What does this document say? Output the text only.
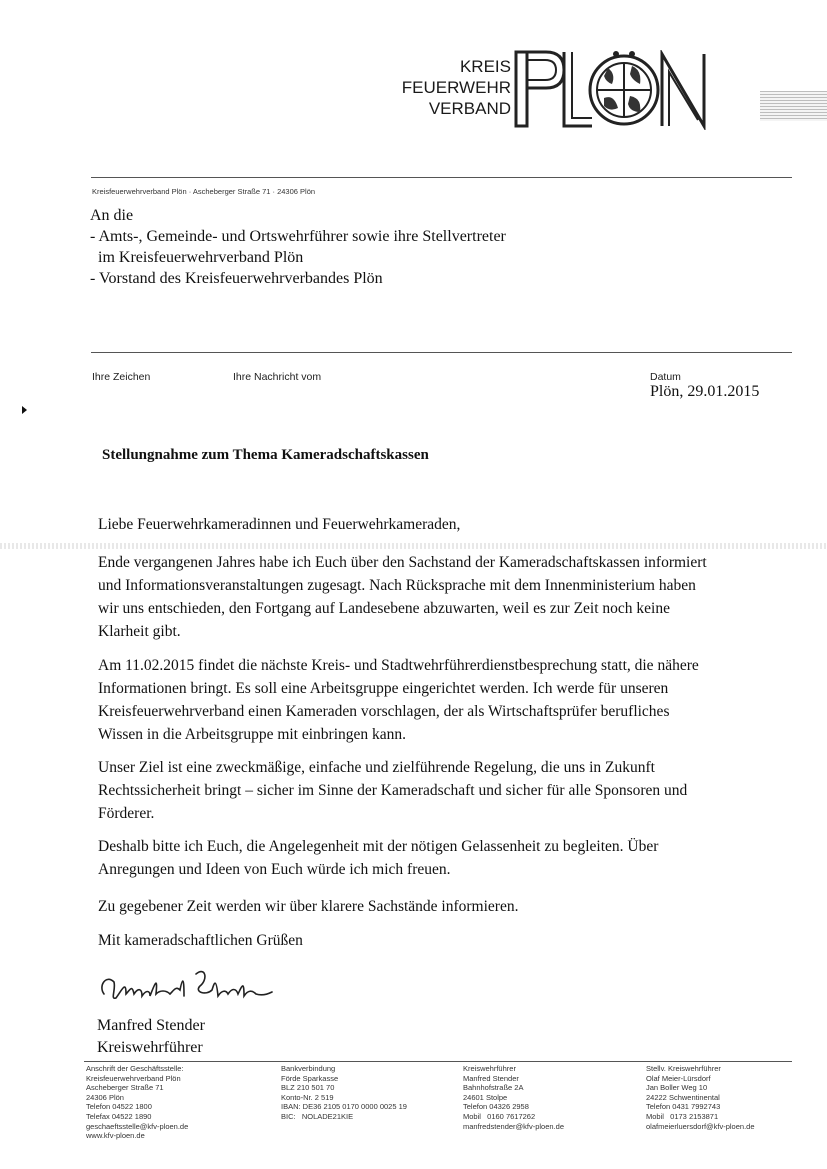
KREIS
FEUERWEHR
VERBAND
Kreisfeuerwehrverband Plön · Ascheberger Straße 71 · 24306 Plön
An die
- Amts-, Gemeinde- und Ortswehrführer sowie ihre Stellvertreter
im Kreisfeuerwehrverband Plön
- Vorstand des Kreisfeuerwehrverbandes Plön
Ihre Zeichen	Ihre Nachricht vom	Datum
Plön, 29.01.2015
Stellungnahme zum Thema Kameradschaftskassen

Liebe Feuerwehrkameradinnen und Feuerwehrkameraden,

Ende vergangenen Jahres habe ich Euch über den Sachstand der Kameradschaftskassen informiert

und Informationsveranstaltungen zugesagt. Nach Rücksprache mit dem Innenministerium haben

wir uns entschieden, den Fortgang auf Landesebene abzuwarten, weil es zur Zeit noch keine

Klarheit gibt.

Am 11.02.2015 findet die nächste Kreis- und Stadtwehrführerdienstbesprechung statt, die nähere

Informationen bringt. Es soll eine Arbeitsgruppe eingerichtet werden. Ich werde für unseren

Kreisfeuerwehrverband einen Kameraden vorschlagen, der als Wirtschaftsprüfer berufliches

Wissen in die Arbeitsgruppe mit einbringen kann.

Unser Ziel ist eine zweckmäßige, einfache und zielführende Regelung, die uns in Zukunft

Rechtssicherheit bringt – sicher im Sinne der Kameradschaft und sicher für alle Sponsoren und

Förderer.

Deshalb bitte ich Euch, die Angelegenheit mit der nötigen Gelassenheit zu begleiten. Über

Anregungen und Ideen von Euch würde ich mich freuen.

Zu gegebener Zeit werden wir über klarere Sachstände informieren.

Mit kameradschaftlichen Grüßen

Manfred Stender
Kreiswehrführer
Anschrift der Geschäftsstelle:
Kreisfeuerwehrverband Plön
Ascheberger Straße 71
24306 Plön
Telefon 04522 1800
Telefax 04522 1890
geschaeftsstelle@kfv-ploen.de
www.kfv-ploen.de
Bankverbindung
Förde Sparkasse
BLZ 210 501 70
Konto-Nr. 2 519
IBAN: DE36 2105 0170 0000 0025 19
BIC:   NOLADE21KIE
Kreiswehrführer
Manfred Stender
Bahnhofstraße 2A
24601 Stolpe
Telefon 04326 2958
Mobil   0160 7617262
manfredstender@kfv-ploen.de
Stellv. Kreiswehrführer
Olaf Meier-Lürsdorf
Jan Boller Weg 10
24222 Schwentinental
Telefon 0431 7992743
Mobil   0173 2153871
olafmeierluersdorf@kfv-ploen.de
